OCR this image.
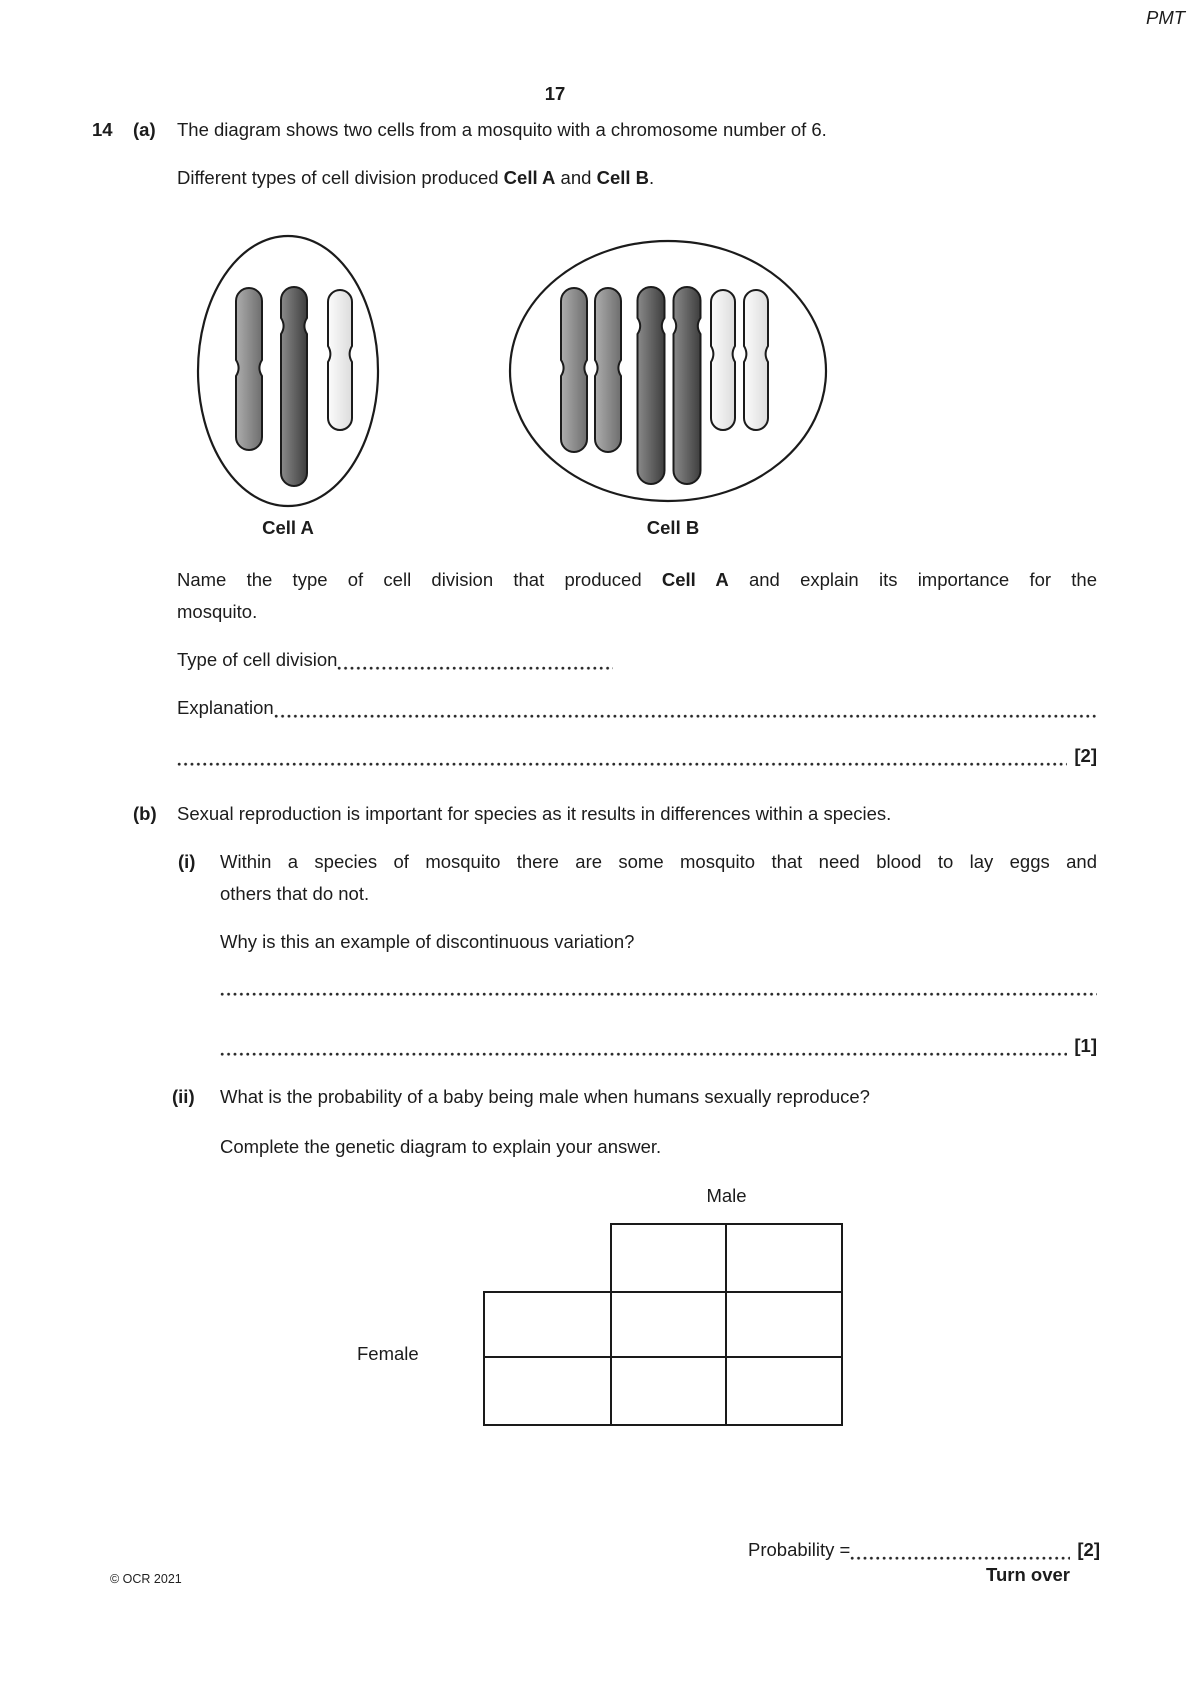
PMT
17
14 (a) The diagram shows two cells from a mosquito with a chromosome number of 6.
Different types of cell division produced Cell A and Cell B.
Cell A	Cell B
Name the type of cell division that produced Cell A and explain its importance for the
mosquito.
Type of cell division
Explanation
[2]
(b) Sexual reproduction is important for species as it results in differences within a species.
(i) Within a species of mosquito there are some mosquito that need blood to lay eggs and
others that do not.
Why is this an example of discontinuous variation?
[1]
(ii) What is the probability of a baby being male when humans sexually reproduce?
Complete the genetic diagram to explain your answer.
Male
Female
Probability =	[2]
Turn over
© OCR 2021
